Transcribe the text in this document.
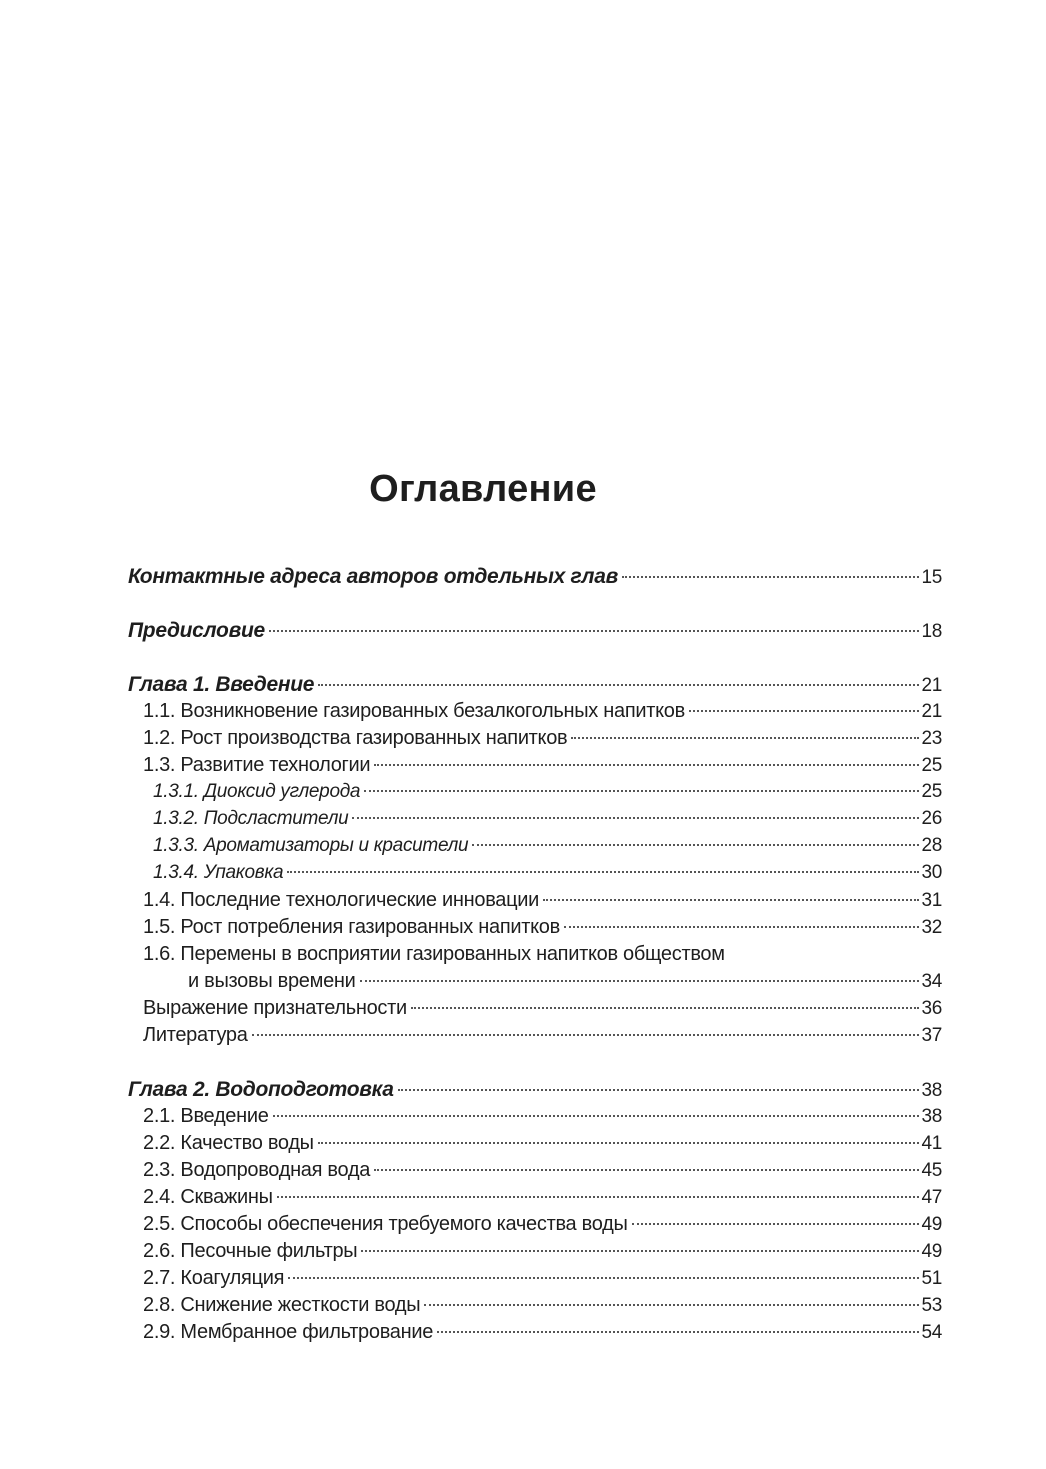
Оглавление
Контактные адреса авторов отдельных глав	15
Предисловие	18
Глава 1. Введение	21
1.1. Возникновение газированных безалкогольных напитков	21
1.2. Рост производства газированных напитков	23
1.3. Развитие технологии	25
1.3.1. Диоксид углерода	25
1.3.2. Подсластители	26
1.3.3. Ароматизаторы и красители	28
1.3.4. Упаковка	30
1.4. Последние технологические инновации	31
1.5. Рост потребления газированных напитков	32
1.6. Перемены в восприятии газированных напитков обществом
и вызовы времени	34
Выражение признательности	36
Литература	37
Глава 2. Водоподготовка	38
2.1. Введение	38
2.2. Качество воды	41
2.3. Водопроводная вода	45
2.4. Скважины	47
2.5. Способы обеспечения требуемого качества воды	49
2.6. Песочные фильтры	49
2.7. Коагуляция	51
2.8. Снижение жесткости воды	53
2.9. Мембранное фильтрование	54
